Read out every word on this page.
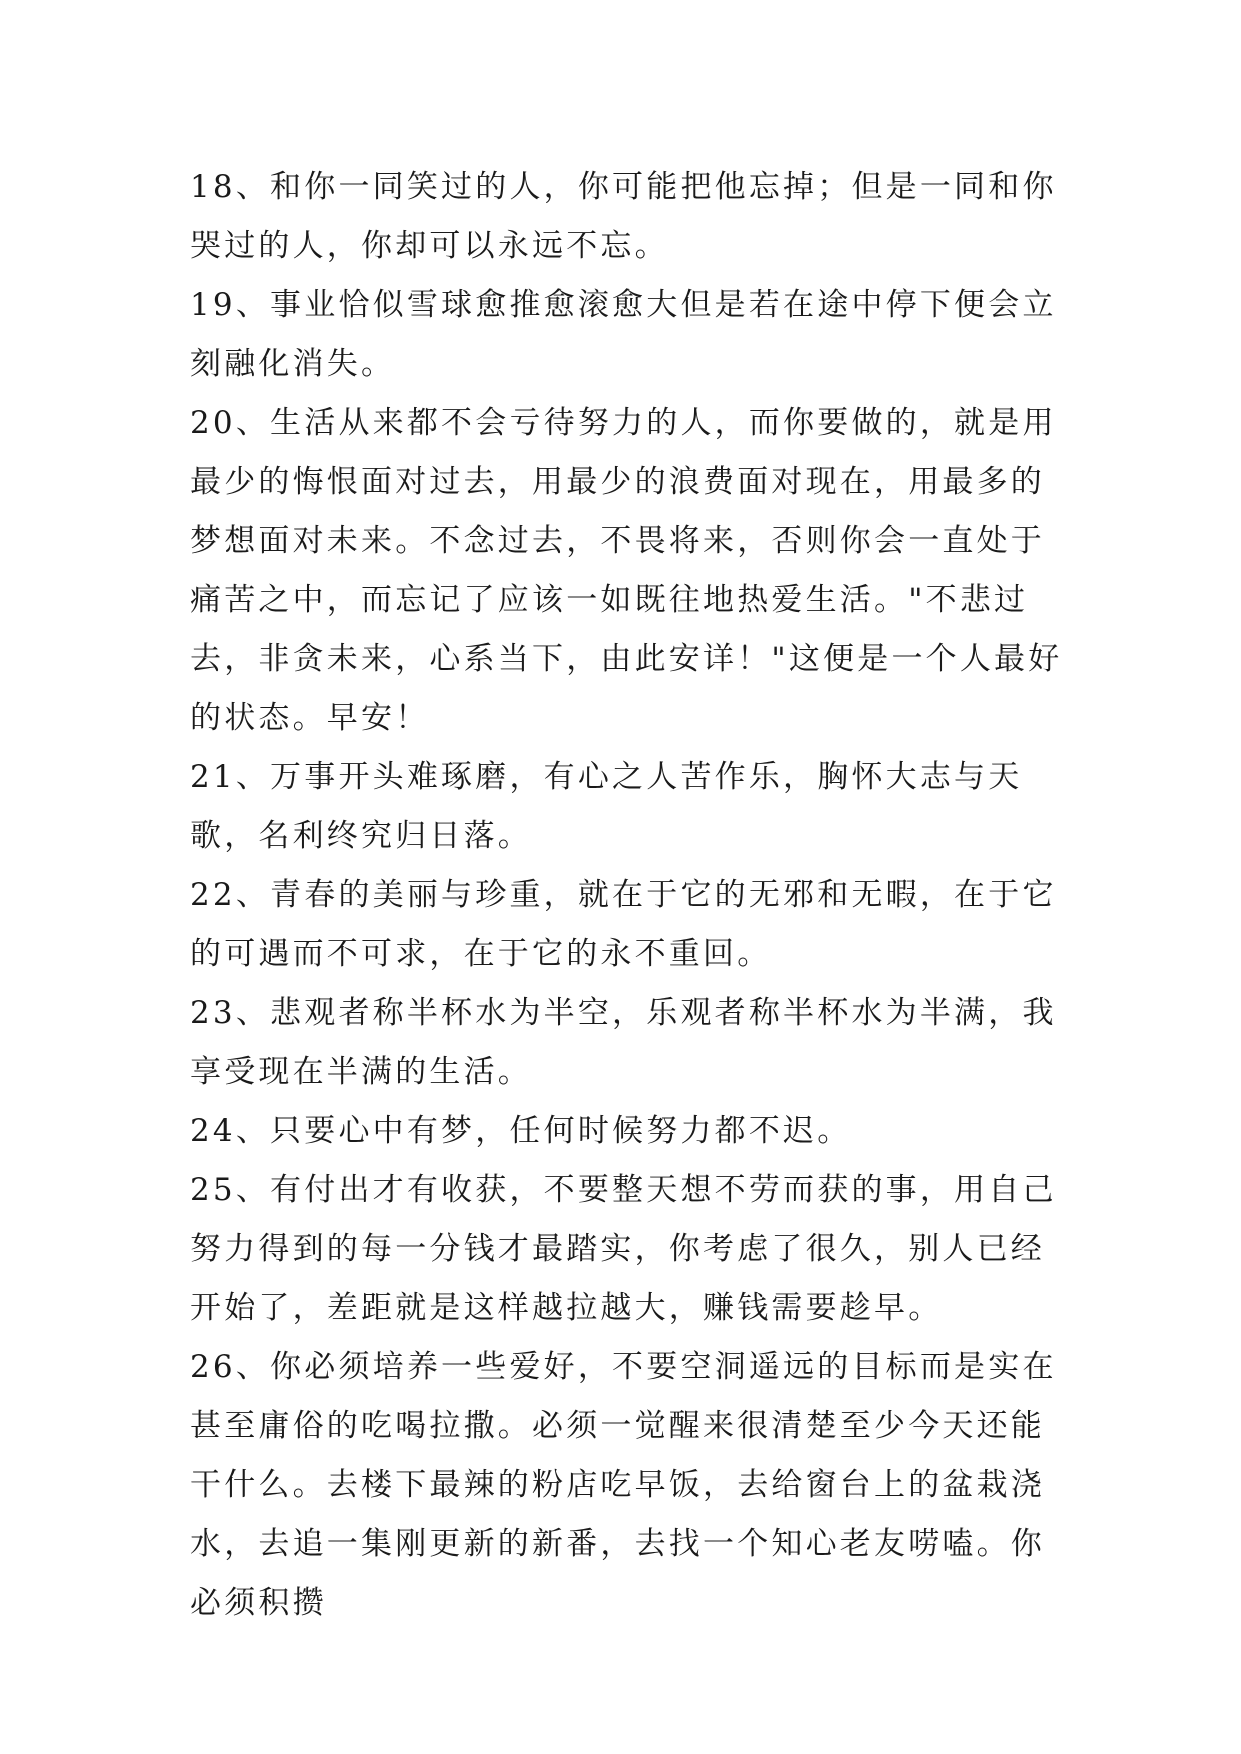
18、和你一同笑过的人，你可能把他忘掉；但是一同和你哭过的人，你却可以永远不忘。

19、事业恰似雪球愈推愈滚愈大但是若在途中停下便会立刻融化消失。

20、生活从来都不会亏待努力的人，而你要做的，就是用最少的悔恨面对过去，用最少的浪费面对现在，用最多的梦想面对未来。不念过去，不畏将来，否则你会一直处于痛苦之中，而忘记了应该一如既往地热爱生活。"不悲过去，非贪未来，心系当下，由此安详！"这便是一个人最好的状态。早安！

21、万事开头难琢磨，有心之人苦作乐，胸怀大志与天歌，名利终究归日落。

22、青春的美丽与珍重，就在于它的无邪和无暇，在于它的可遇而不可求，在于它的永不重回。

23、悲观者称半杯水为半空，乐观者称半杯水为半满，我享受现在半满的生活。

24、只要心中有梦，任何时候努力都不迟。

25、有付出才有收获，不要整天想不劳而获的事，用自己努力得到的每一分钱才最踏实，你考虑了很久，别人已经开始了，差距就是这样越拉越大，赚钱需要趁早。

26、你必须培养一些爱好，不要空洞遥远的目标而是实在甚至庸俗的吃喝拉撒。必须一觉醒来很清楚至少今天还能干什么。去楼下最辣的粉店吃早饭，去给窗台上的盆栽浇水，去追一集刚更新的新番，去找一个知心老友唠嗑。你必须积攒
